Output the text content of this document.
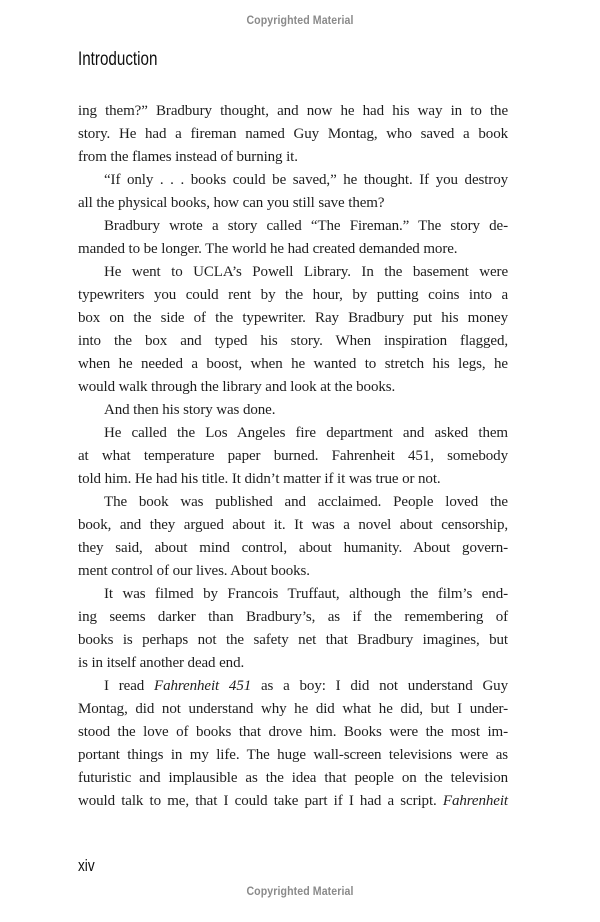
Copyrighted Material
Introduction
ing them?” Bradbury thought, and now he had his way in to the
story. He had a fireman named Guy Montag, who saved a book
from the flames instead of burning it.
“If only . . . books could be saved,” he thought. If you destroy
all the physical books, how can you still save them?
Bradbury wrote a story called “The Fireman.” The story de-
manded to be longer. The world he had created demanded more.
He went to UCLA’s Powell Library. In the basement were
typewriters you could rent by the hour, by putting coins into a
box on the side of the typewriter. Ray Bradbury put his money
into the box and typed his story. When inspiration flagged,
when he needed a boost, when he wanted to stretch his legs, he
would walk through the library and look at the books.
And then his story was done.
He called the Los Angeles fire department and asked them
at what temperature paper burned. Fahrenheit 451, somebody
told him. He had his title. It didn’t matter if it was true or not.
The book was published and acclaimed. People loved the
book, and they argued about it. It was a novel about censorship,
they said, about mind control, about humanity. About govern-
ment control of our lives. About books.
It was filmed by Francois Truffaut, although the film’s end-
ing seems darker than Bradbury’s, as if the remembering of
books is perhaps not the safety net that Bradbury imagines, but
is in itself another dead end.
I read Fahrenheit 451 as a boy: I did not understand Guy
Montag, did not understand why he did what he did, but I under-
stood the love of books that drove him. Books were the most im-
portant things in my life. The huge wall-screen televisions were as
futuristic and implausible as the idea that people on the television
would talk to me, that I could take part if I had a script. Fahrenheit
xiv
Copyrighted Material
